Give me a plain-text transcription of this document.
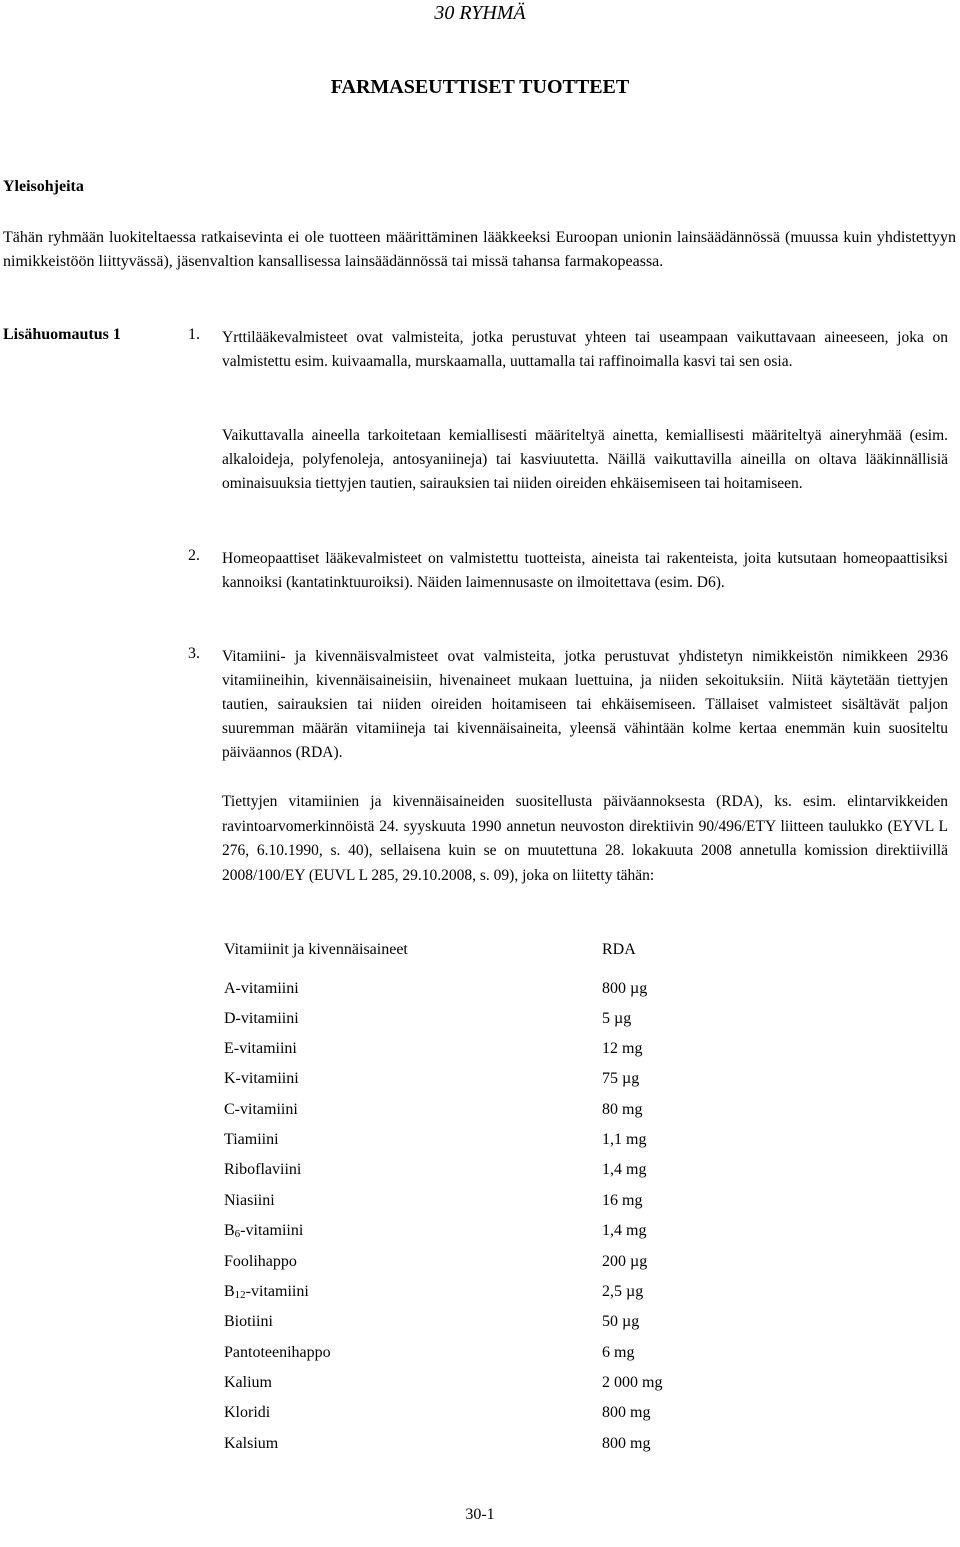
30 RYHMÄ
FARMASEUTTISET TUOTTEET
Yleisohjeita
Tähän ryhmään luokiteltaessa ratkaisevinta ei ole tuotteen määrittäminen lääkkeeksi Euroopan unionin lainsäädännössä (muussa kuin yhdistettyyn nimikkeistöön liittyvässä), jäsenvaltion kansallisessa lainsäädännössä tai missä tahansa farmakopeassa.
Lisähuomautus 1	1. Yrttilääkevalmisteet ovat valmisteita, jotka perustuvat yhteen tai useampaan vaikuttavaan aineeseen, joka on valmistettu esim. kuivaamalla, murskaamalla, uuttamalla tai raffinoimalla kasvi tai sen osia.
Vaikuttavalla aineella tarkoitetaan kemiallisesti määriteltyä ainetta, kemiallisesti määriteltyä aineryhmää (esim. alkaloideja, polyfenoleja, antosyaniineja) tai kasviuutetta. Näillä vaikuttavilla aineilla on oltava lääkinnällisiä ominaisuuksia tiettyjen tautien, sairauksien tai niiden oireiden ehkäisemiseen tai hoitamiseen.
2. Homeopaattiset lääkevalmisteet on valmistettu tuotteista, aineista tai rakenteista, joita kutsutaan homeopaattisiksi kannoiksi (kantatinktuuroiksi). Näiden laimennusaste on ilmoitettava (esim. D6).
3. Vitamiini- ja kivennäisvalmisteet ovat valmisteita, jotka perustuvat yhdistetyn nimikkeistön nimikkeen 2936 vitamiineihin, kivennäisaineisiin, hivenaineet mukaan luettuina, ja niiden sekoituksiin. Niitä käytetään tiettyjen tautien, sairauksien tai niiden oireiden hoitamiseen tai ehkäisemiseen. Tällaiset valmisteet sisältävät paljon suuremman määrän vitamiineja tai kivennäisaineita, yleensä vähintään kolme kertaa enemmän kuin suositeltu päiväannos (RDA).
Tiettyjen vitamiinien ja kivennäisaineiden suositellusta päiväannoksesta (RDA), ks. esim. elintarvikkeiden ravintoarvomerkinnöistä 24. syyskuuta 1990 annetun neuvoston direktiivin 90/496/ETY liitteen taulukko (EYVL L 276, 6.10.1990, s. 40), sellaisena kuin se on muutettuna 28. lokakuuta 2008 annetulla komission direktiivillä 2008/100/EY (EUVL L 285, 29.10.2008, s. 09), joka on liitetty tähän:
Vitamiinit ja kivennäisaineet	RDA
A-vitamiini	800 µg
D-vitamiini	5 µg
E-vitamiini	12 mg
K-vitamiini	75 µg
C-vitamiini	80 mg
Tiamiini	1,1 mg
Riboflaviini	1,4 mg
Niasiini	16 mg
$B_6$-vitamiini	1,4 mg
Foolihappo	200 µg
$B_{12}$-vitamiini	2,5 µg
Biotiini	50 µg
Pantoteenihappo	6 mg
Kalium	2 000 mg
Kloridi	800 mg
Kalsium	800 mg
30-1
